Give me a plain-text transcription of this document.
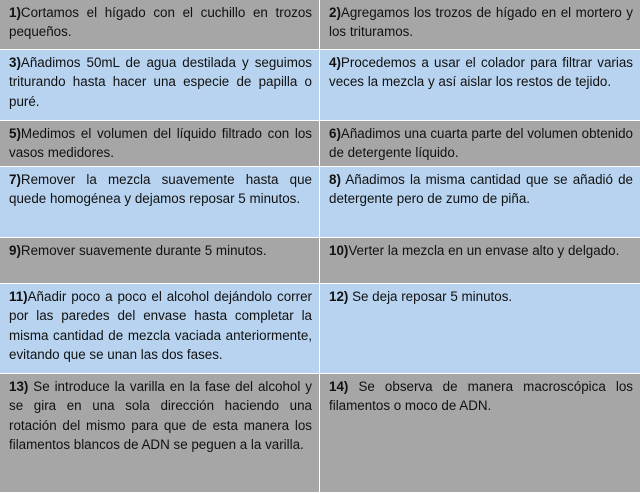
1)Cortamos el hígado con el cuchillo en trozos pequeños.
2)Agregamos los trozos de hígado en el mortero y los trituramos.
3)Añadimos 50mL de agua destilada y seguimos triturando hasta hacer una especie de papilla o puré.
4)Procedemos a usar el colador para filtrar varias veces la mezcla y así aislar los restos de tejido.
5)Medimos el volumen del líquido filtrado con los vasos medidores.
6)Añadimos una cuarta parte del volumen obtenido de detergente líquido.
7)Remover la mezcla suavemente hasta que quede homogénea y dejamos reposar 5 minutos.
8) Añadimos la misma cantidad que se añadió de detergente pero de zumo de piña.
9)Remover suavemente durante 5 minutos.	10)Verter la mezcla en un envase alto y delgado.
11)Añadir poco a poco el alcohol dejándolo correr por las paredes del envase hasta completar la misma cantidad de mezcla vaciada anteriormente, evitando que se unan las dos fases.
12) Se deja reposar 5 minutos.
13) Se introduce la varilla en la fase del alcohol y se gira en una sola dirección haciendo una rotación del mismo para que de esta manera los filamentos blancos de ADN se peguen a la varilla.
14) Se observa de manera macroscópica los filamentos o moco de ADN.
